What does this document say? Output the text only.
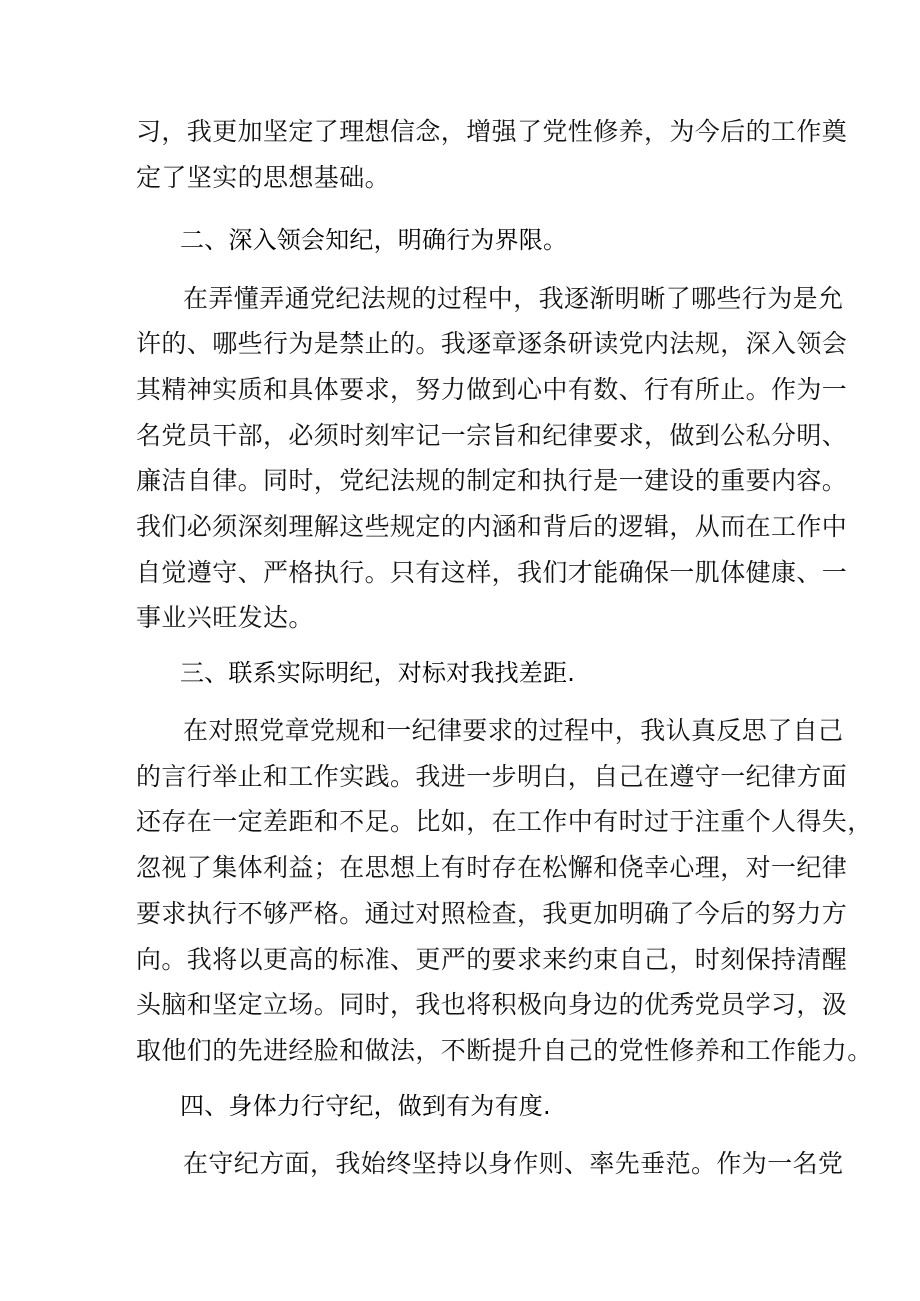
习，我更加坚定了理想信念，增强了党性修养，为今后的工作奠
定了坚实的思想基础。
二、深入领会知纪，明确行为界限。
在弄懂弄通党纪法规的过程中，我逐渐明晰了哪些行为是允
许的、哪些行为是禁止的。我逐章逐条研读党内法规，深入领会
其精神实质和具体要求，努力做到心中有数、行有所止。作为一
名党员干部，必须时刻牢记一宗旨和纪律要求，做到公私分明、
廉洁自律。同时，党纪法规的制定和执行是一建设的重要内容。
我们必须深刻理解这些规定的内涵和背后的逻辑，从而在工作中
自觉遵守、严格执行。只有这样，我们才能确保一肌体健康、一
事业兴旺发达。
三、联系实际明纪，对标对我找差距.
在对照党章党规和一纪律要求的过程中，我认真反思了自己
的言行举止和工作实践。我进一步明白，自己在遵守一纪律方面
还存在一定差距和不足。比如，在工作中有时过于注重个人得失，
忽视了集体利益；在思想上有时存在松懈和侥幸心理，对一纪律
要求执行不够严格。通过对照检查，我更加明确了今后的努力方
向。我将以更高的标准、更严的要求来约束自己，时刻保持清醒
头脑和坚定立场。同时，我也将积极向身边的优秀党员学习，汲
取他们的先进经脸和做法，不断提升自己的党性修养和工作能力。
四、身体力行守纪，做到有为有度.
在守纪方面，我始终坚持以身作则、率先垂范。作为一名党
